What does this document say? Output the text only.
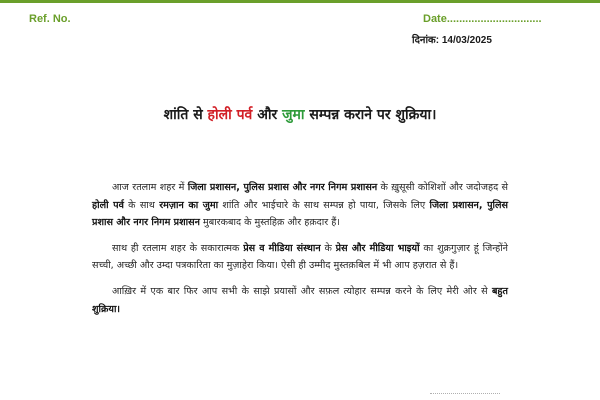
Ref. No.	Date...............................
दिनांक: 14/03/2025
शांति से होली पर्व और जुमा सम्पन्न कराने पर शुक्रिया।

आज रतलाम शहर में जिला प्रशासन, पुलिस प्रशास और नगर निगम प्रशासन के ख़ुसूसी कोशिशों और जदोजहद से होली पर्व के साथ रमज़ान का जुमा शांति और भाईचारे के साथ सम्पन्न हो पाया, जिसके लिए जिला प्रशासन, पुलिस प्रशास और नगर निगम प्रशासन मुबारकबाद के मुस्तहिक़ और हक़दार हैं।

साथ ही रतलाम शहर के सकारात्मक प्रेस व मीडिया संस्थान के प्रेस और मीडिया भाइयों का शुक्रगुज़ार हूं जिन्होंने सच्ची, अच्छी और उम्दा पत्रकारिता का मुज़ाहेरा किया। ऐसी ही उम्मीद मुस्तक़बिल में भी आप हज़रात से हैं।

आख़िर में एक बार फिर आप सभी के साझे प्रयासों और सफ़ल त्योहार सम्पन्न करने के लिए मेरी ओर से बहुत शुक्रिया।
